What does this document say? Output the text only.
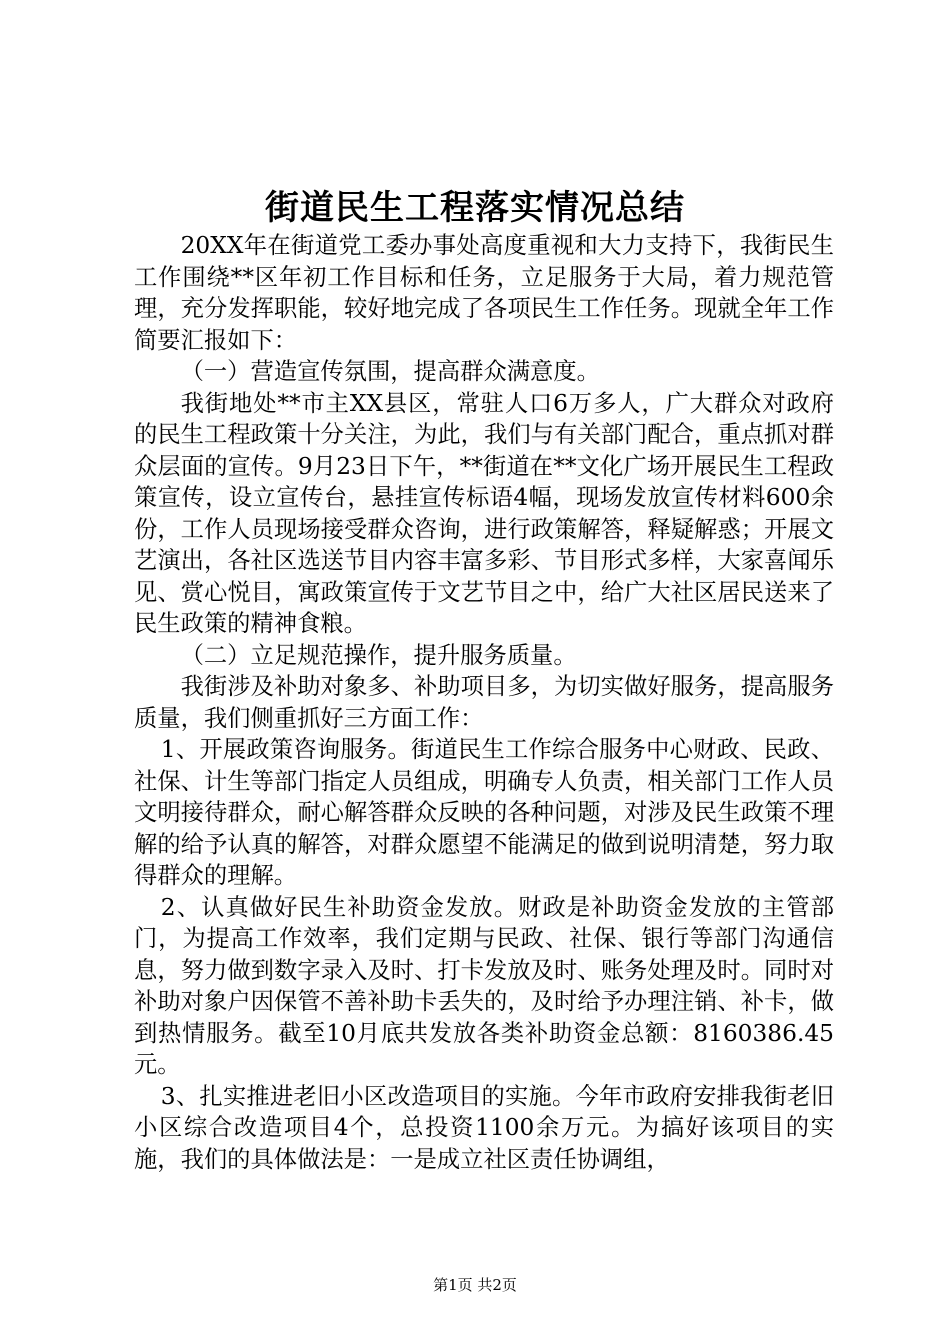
街道民生工程落实情况总结

20XX年在街道党工委办事处高度重视和大力支持下，我街民生工作围绕**区年初工作目标和任务，立足服务于大局，着力规范管理，充分发挥职能，较好地完成了各项民生工作任务。现就全年工作简要汇报如下：

（一）营造宣传氛围，提高群众满意度。

我街地处**市主XX县区，常驻人口6万多人，广大群众对政府的民生工程政策十分关注，为此，我们与有关部门配合，重点抓对群众层面的宣传。9月23日下午，**街道在**文化广场开展民生工程政策宣传，设立宣传台，悬挂宣传标语4幅，现场发放宣传材料600余份，工作人员现场接受群众咨询，进行政策解答，释疑解惑；开展文艺演出，各社区选送节目内容丰富多彩、节目形式多样，大家喜闻乐见、赏心悦目，寓政策宣传于文艺节目之中，给广大社区居民送来了民生政策的精神食粮。

（二）立足规范操作，提升服务质量。

我街涉及补助对象多、补助项目多，为切实做好服务，提高服务质量，我们侧重抓好三方面工作：

1、开展政策咨询服务。街道民生工作综合服务中心财政、民政、社保、计生等部门指定人员组成，明确专人负责，相关部门工作人员文明接待群众，耐心解答群众反映的各种问题，对涉及民生政策不理解的给予认真的解答，对群众愿望不能满足的做到说明清楚，努力取得群众的理解。

2、认真做好民生补助资金发放。财政是补助资金发放的主管部门，为提高工作效率，我们定期与民政、社保、银行等部门沟通信息，努力做到数字录入及时、打卡发放及时、账务处理及时。同时对补助对象户因保管不善补助卡丢失的，及时给予办理注销、补卡，做到热情服务。截至10月底共发放各类补助资金总额：8160386.45元。

3、扎实推进老旧小区改造项目的实施。今年市政府安排我街老旧小区综合改造项目4个，总投资1100余万元。为搞好该项目的实施，我们的具体做法是：一是成立社区责任协调组，

第1页 共2页
